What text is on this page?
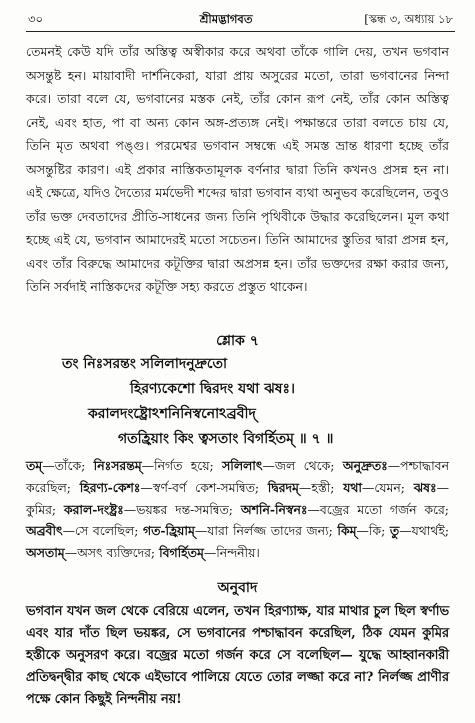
৩০	শ্রীমদ্ভাগবত	[স্কন্ধ ৩, অধ্যায় ১৮

তেমনই কেউ যদি তাঁর অস্তিত্ব অস্বীকার করে অথবা তাঁকে গালি দেয়, তখন ভগবান অসন্তুষ্ট হন। মায়াবাদী দার্শনিকেরা, যারা প্রায় অসুরের মতো, তারা ভগবানের নিন্দা করে। তারা বলে যে, ভগবানের মস্তক নেই, তাঁর কোন রূপ নেই, তাঁর কোন অস্তিত্ব নেই, এবং হাত, পা বা অন্য কোন অঙ্গ-প্রত্যঙ্গ নেই। পক্ষান্তরে তারা বলতে চায় যে, তিনি মৃত অথবা পঙ্গু। পরমেশ্বর ভগবান সম্বন্ধে এই সমস্ত ভ্রান্ত ধারণা হচ্ছে তাঁর অসন্তুষ্টির কারণ। এই প্রকার নাস্তিকতামূলক বর্ণনার দ্বারা তিনি কখনও প্রসন্ন হন না। এই ক্ষেত্রে, যদিও দৈত্যের মর্মভেদী শব্দের দ্বারা ভগবান ব্যথা অনুভব করেছিলেন, তবুও তাঁর ভক্ত দেবতাদের প্রীতি-সাধনের জন্য তিনি পৃথিবীকে উদ্ধার করেছিলেন। মূল কথা হচ্ছে এই যে, ভগবান আমাদেরই মতো সচেতন। তিনি আমাদের স্তুতির দ্বারা প্রসন্ন হন, এবং তাঁর বিরুদ্ধে আমাদের কটূক্তির দ্বারা অপ্রসন্ন হন। তাঁর ভক্তদের রক্ষা করার জন্য, তিনি সর্বদাই নাস্তিকদের কটূক্তি সহ্য করতে প্রস্তুত থাকেন।

শ্লোক ৭
তং নিঃসরন্তং সলিলাদনুদ্রুতো
হিরণ্যকেশো দ্বিরদং যথা ঝষঃ।
করালদংষ্ট্রোঽশনিনিস্বনোঽব্রবীদ্
গতহ্রিয়াং কিং ত্বসতাং বিগর্হিতম্ ॥ ৭ ॥
তম্—তাঁকে; নিঃসরন্তম্—নির্গত হয়ে; সলিলাৎ—জল থেকে; অনুদ্রুতঃ—পশ্চাদ্ধাবন করেছিল; হিরণ্য-কেশঃ—স্বর্ণ-বর্ণ কেশ-সমন্বিত; দ্বিরদম্—হস্তী; যথা—যেমন; ঝষঃ—কুমির; করাল-দংষ্ট্রঃ—ভয়ঙ্কর দন্ত-সমন্বিত; অশনি-নিস্বনঃ—বজ্রের মতো গর্জন করে; অব্রবীৎ—সে বলেছিল; গত-হ্রিয়াম্—যারা নির্লজ্জ তাদের জন্য; কিম্—কি; তু—যথার্থই; অসতাম্—অসৎ ব্যক্তিদের; বিগর্হিতম্—নিন্দনীয়।
অনুবাদ
ভগবান যখন জল থেকে বেরিয়ে এলেন, তখন হিরণ্যাক্ষ, যার মাথার চুল ছিল স্বর্ণাভ এবং যার দাঁত ছিল ভয়ঙ্কর, সে ভগবানের পশ্চাদ্ধাবন করেছিল, ঠিক যেমন কুমির হস্তীকে অনুসরণ করে। বজ্রের মতো গর্জন করে সে বলেছিল— যুদ্ধে আহ্বানকারী প্রতিদ্বন্দ্বীর কাছ থেকে এইভাবে পালিয়ে যেতে তোর লজ্জা করে না? নির্লজ্জ প্রাণীর পক্ষে কোন কিছুই নিন্দনীয় নয়!
